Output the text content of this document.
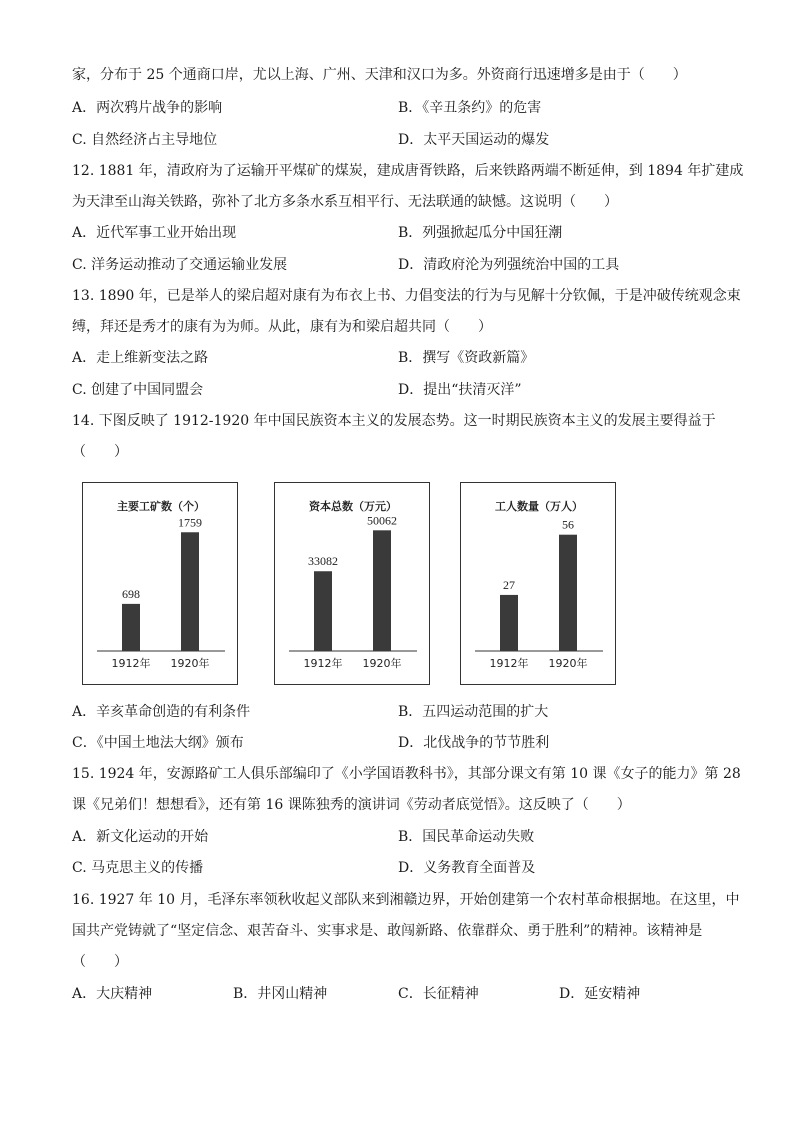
家，分布于 25 个通商口岸，尤以上海、广州、天津和汉口为多。外资商行迅速增多是由于（　　）
A．两次鸦片战争的影响	B．《辛丑条约》的危害
C. 自然经济占主导地位	D．太平天国运动的爆发
12. 1881 年，清政府为了运输开平煤矿的煤炭，建成唐胥铁路，后来铁路两端不断延伸，到 1894 年扩建成
为天津至山海关铁路，弥补了北方多条水系互相平行、无法联通的缺憾。这说明（　　）
A．近代军事工业开始出现	B．列强掀起瓜分中国狂潮
C. 洋务运动推动了交通运输业发展	D．清政府沦为列强统治中国的工具
13. 1890 年，已是举人的梁启超对康有为布衣上书、力倡变法的行为与见解十分钦佩，于是冲破传统观念束
缚，拜还是秀才的康有为为师。从此，康有为和梁启超共同（　　）
A．走上维新变法之路	B．撰写《资政新篇》
C. 创建了中国同盟会	D．提出“扶清灭洋”
14. 下图反映了 1912-1920 年中国民族资本主义的发展态势。这一时期民族资本主义的发展主要得益于
（　　）
主要工矿数（个）
698
1912年
1759
1920年
资本总数（万元）
33082
1912年
50062
1920年
工人数量（万人）
27
1912年
56
1920年
A．辛亥革命创造的有利条件	B．五四运动范围的扩大
C．《中国土地法大纲》颁布	D．北伐战争的节节胜利
15. 1924 年，安源路矿工人俱乐部编印了《小学国语教科书》，其部分课文有第 10 课《女子的能力》第 28
课《兄弟们！想想看》，还有第 16 课陈独秀的演讲词《劳动者底觉悟》。这反映了（　　）
A．新文化运动的开始	B．国民革命运动失败
C. 马克思主义的传播	D．义务教育全面普及
16. 1927 年 10 月，毛泽东率领秋收起义部队来到湘赣边界，开始创建第一个农村革命根据地。在这里，中
国共产党铸就了“坚定信念、艰苦奋斗、实事求是、敢闯新路、依靠群众、勇于胜利”的精神。该精神是
（　　）
A．大庆精神	B．井冈山精神	C．长征精神	D．延安精神
